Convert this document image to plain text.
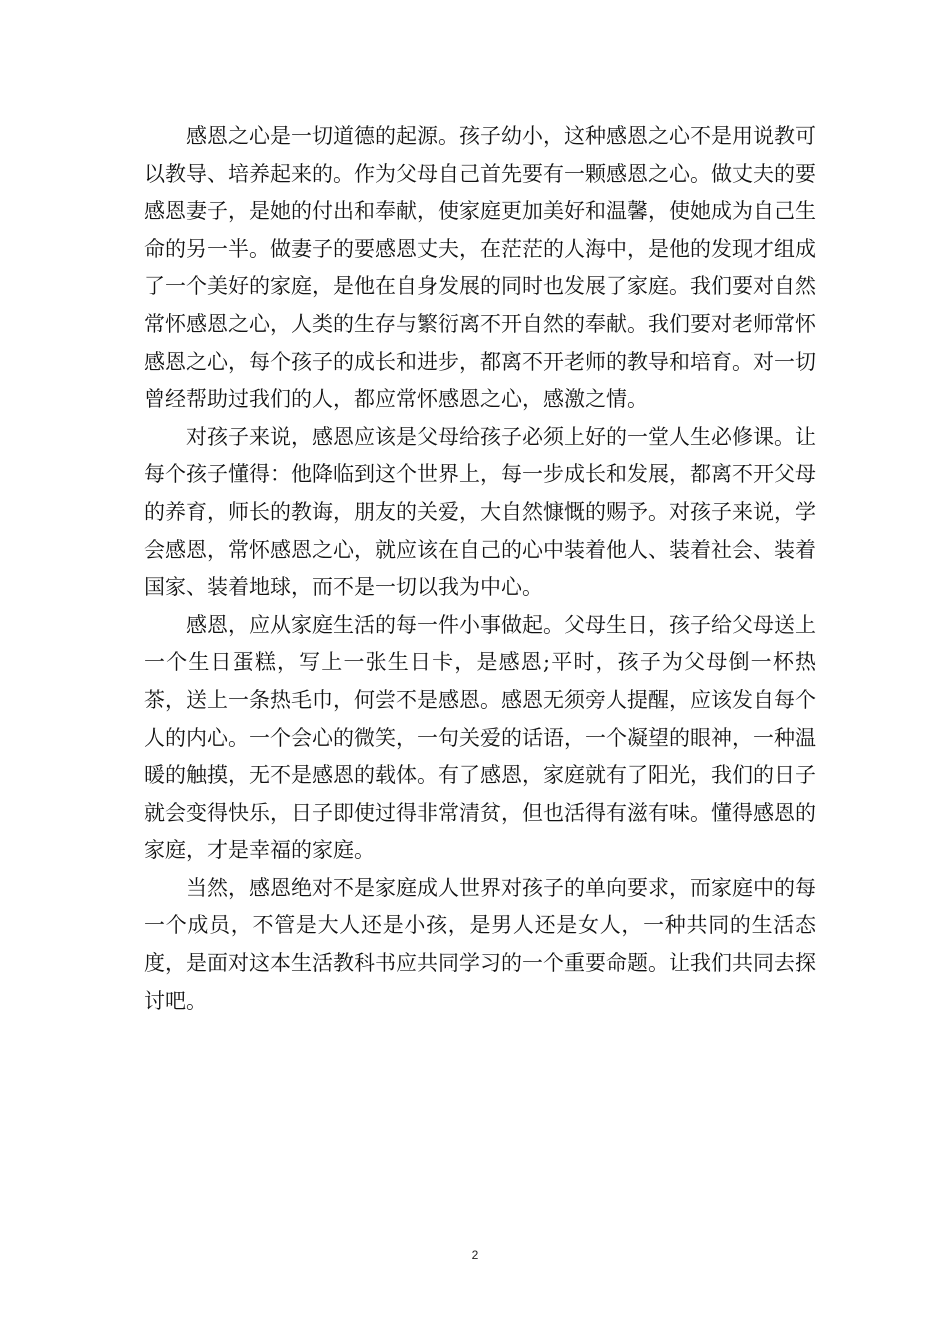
感恩之心是一切道德的起源。孩子幼小，这种感恩之心不是用说教可以教导、培养起来的。作为父母自己首先要有一颗感恩之心。做丈夫的要感恩妻子，是她的付出和奉献，使家庭更加美好和温馨，使她成为自己生命的另一半。做妻子的要感恩丈夫，在茫茫的人海中，是他的发现才组成了一个美好的家庭，是他在自身发展的同时也发展了家庭。我们要对自然常怀感恩之心，人类的生存与繁衍离不开自然的奉献。我们要对老师常怀感恩之心，每个孩子的成长和进步，都离不开老师的教导和培育。对一切曾经帮助过我们的人，都应常怀感恩之心，感激之情。

对孩子来说，感恩应该是父母给孩子必须上好的一堂人生必修课。让每个孩子懂得：他降临到这个世界上，每一步成长和发展，都离不开父母的养育，师长的教诲，朋友的关爱，大自然慷慨的赐予。对孩子来说，学会感恩，常怀感恩之心，就应该在自己的心中装着他人、装着社会、装着国家、装着地球，而不是一切以我为中心。

感恩，应从家庭生活的每一件小事做起。父母生日，孩子给父母送上一个生日蛋糕，写上一张生日卡，是感恩;平时，孩子为父母倒一杯热茶，送上一条热毛巾，何尝不是感恩。感恩无须旁人提醒，应该发自每个人的内心。一个会心的微笑，一句关爱的话语，一个凝望的眼神，一种温暖的触摸，无不是感恩的载体。有了感恩，家庭就有了阳光，我们的日子就会变得快乐，日子即使过得非常清贫，但也活得有滋有味。懂得感恩的家庭，才是幸福的家庭。

当然，感恩绝对不是家庭成人世界对孩子的单向要求，而家庭中的每一个成员，不管是大人还是小孩，是男人还是女人，一种共同的生活态度，是面对这本生活教科书应共同学习的一个重要命题。让我们共同去探讨吧。

2
